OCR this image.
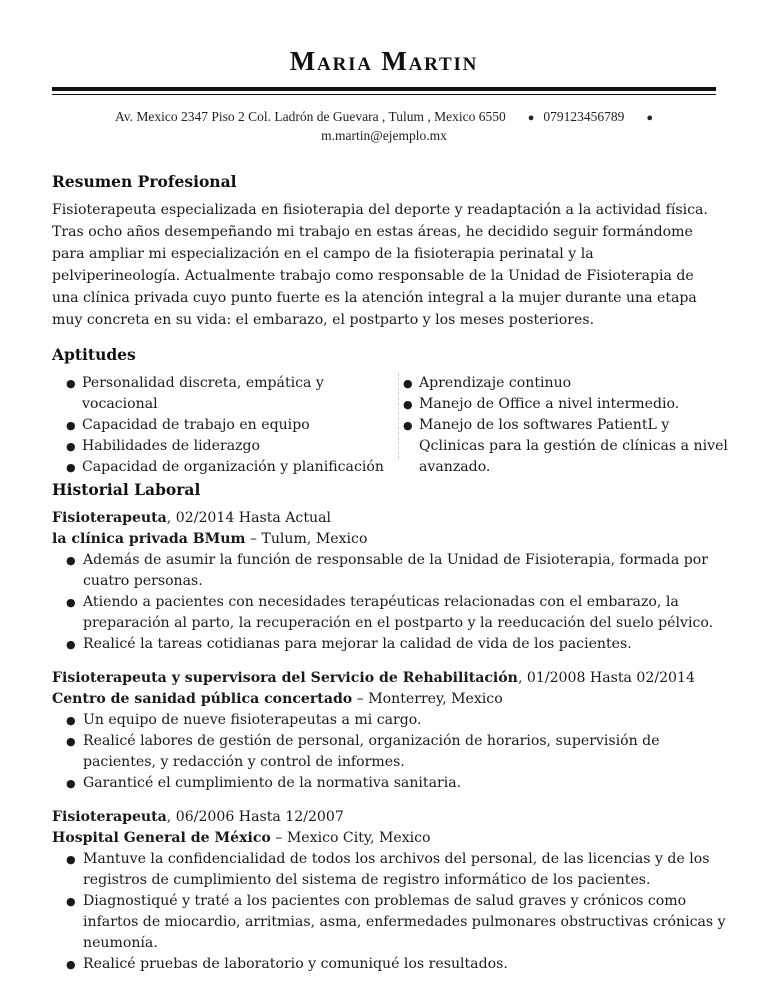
Maria Martin
Av. Mexico 2347 Piso 2 Col. Ladrón de Guevara , Tulum , Mexico 6550 ● 079123456789 ●
m.martin@ejemplo.mx
Resumen Profesional
Fisioterapeuta especializada en fisioterapia del deporte y readaptación a la actividad física. Tras ocho años desempeñando mi trabajo en estas áreas, he decidido seguir formándome para ampliar mi especialización en el campo de la fisioterapia perinatal y la pelviperineología. Actualmente trabajo como responsable de la Unidad de Fisioterapia de una clínica privada cuyo punto fuerte es la atención integral a la mujer durante una etapa muy concreta en su vida: el embarazo, el postparto y los meses posteriores.
Aptitudes
● Personalidad discreta, empática y vocacional
● Capacidad de trabajo en equipo
● Habilidades de liderazgo
● Capacidad de organización y planificación
● Aprendizaje continuo
● Manejo de Office a nivel intermedio.
● Manejo de los softwares PatientL y Qclinicas para la gestión de clínicas a nivel avanzado.
Historial Laboral
Fisioterapeuta, 02/2014 Hasta Actual
la clínica privada BMum – Tulum, Mexico
● Además de asumir la función de responsable de la Unidad de Fisioterapia, formada por cuatro personas.
● Atiendo a pacientes con necesidades terapéuticas relacionadas con el embarazo, la preparación al parto, la recuperación en el postparto y la reeducación del suelo pélvico.
● Realicé la tareas cotidianas para mejorar la calidad de vida de los pacientes.
Fisioterapeuta y supervisora del Servicio de Rehabilitación, 01/2008 Hasta 02/2014
Centro de sanidad pública concertado – Monterrey, Mexico
● Un equipo de nueve fisioterapeutas a mi cargo.
● Realicé labores de gestión de personal, organización de horarios, supervisión de pacientes, y redacción y control de informes.
● Garanticé el cumplimiento de la normativa sanitaria.
Fisioterapeuta, 06/2006 Hasta 12/2007
Hospital General de México – Mexico City, Mexico
● Mantuve la confidencialidad de todos los archivos del personal, de las licencias y de los registros de cumplimiento del sistema de registro informático de los pacientes.
● Diagnostiqué y traté a los pacientes con problemas de salud graves y crónicos como infartos de miocardio, arritmias, asma, enfermedades pulmonares obstructivas crónicas y neumonía.
● Realicé pruebas de laboratorio y comuniqué los resultados.
